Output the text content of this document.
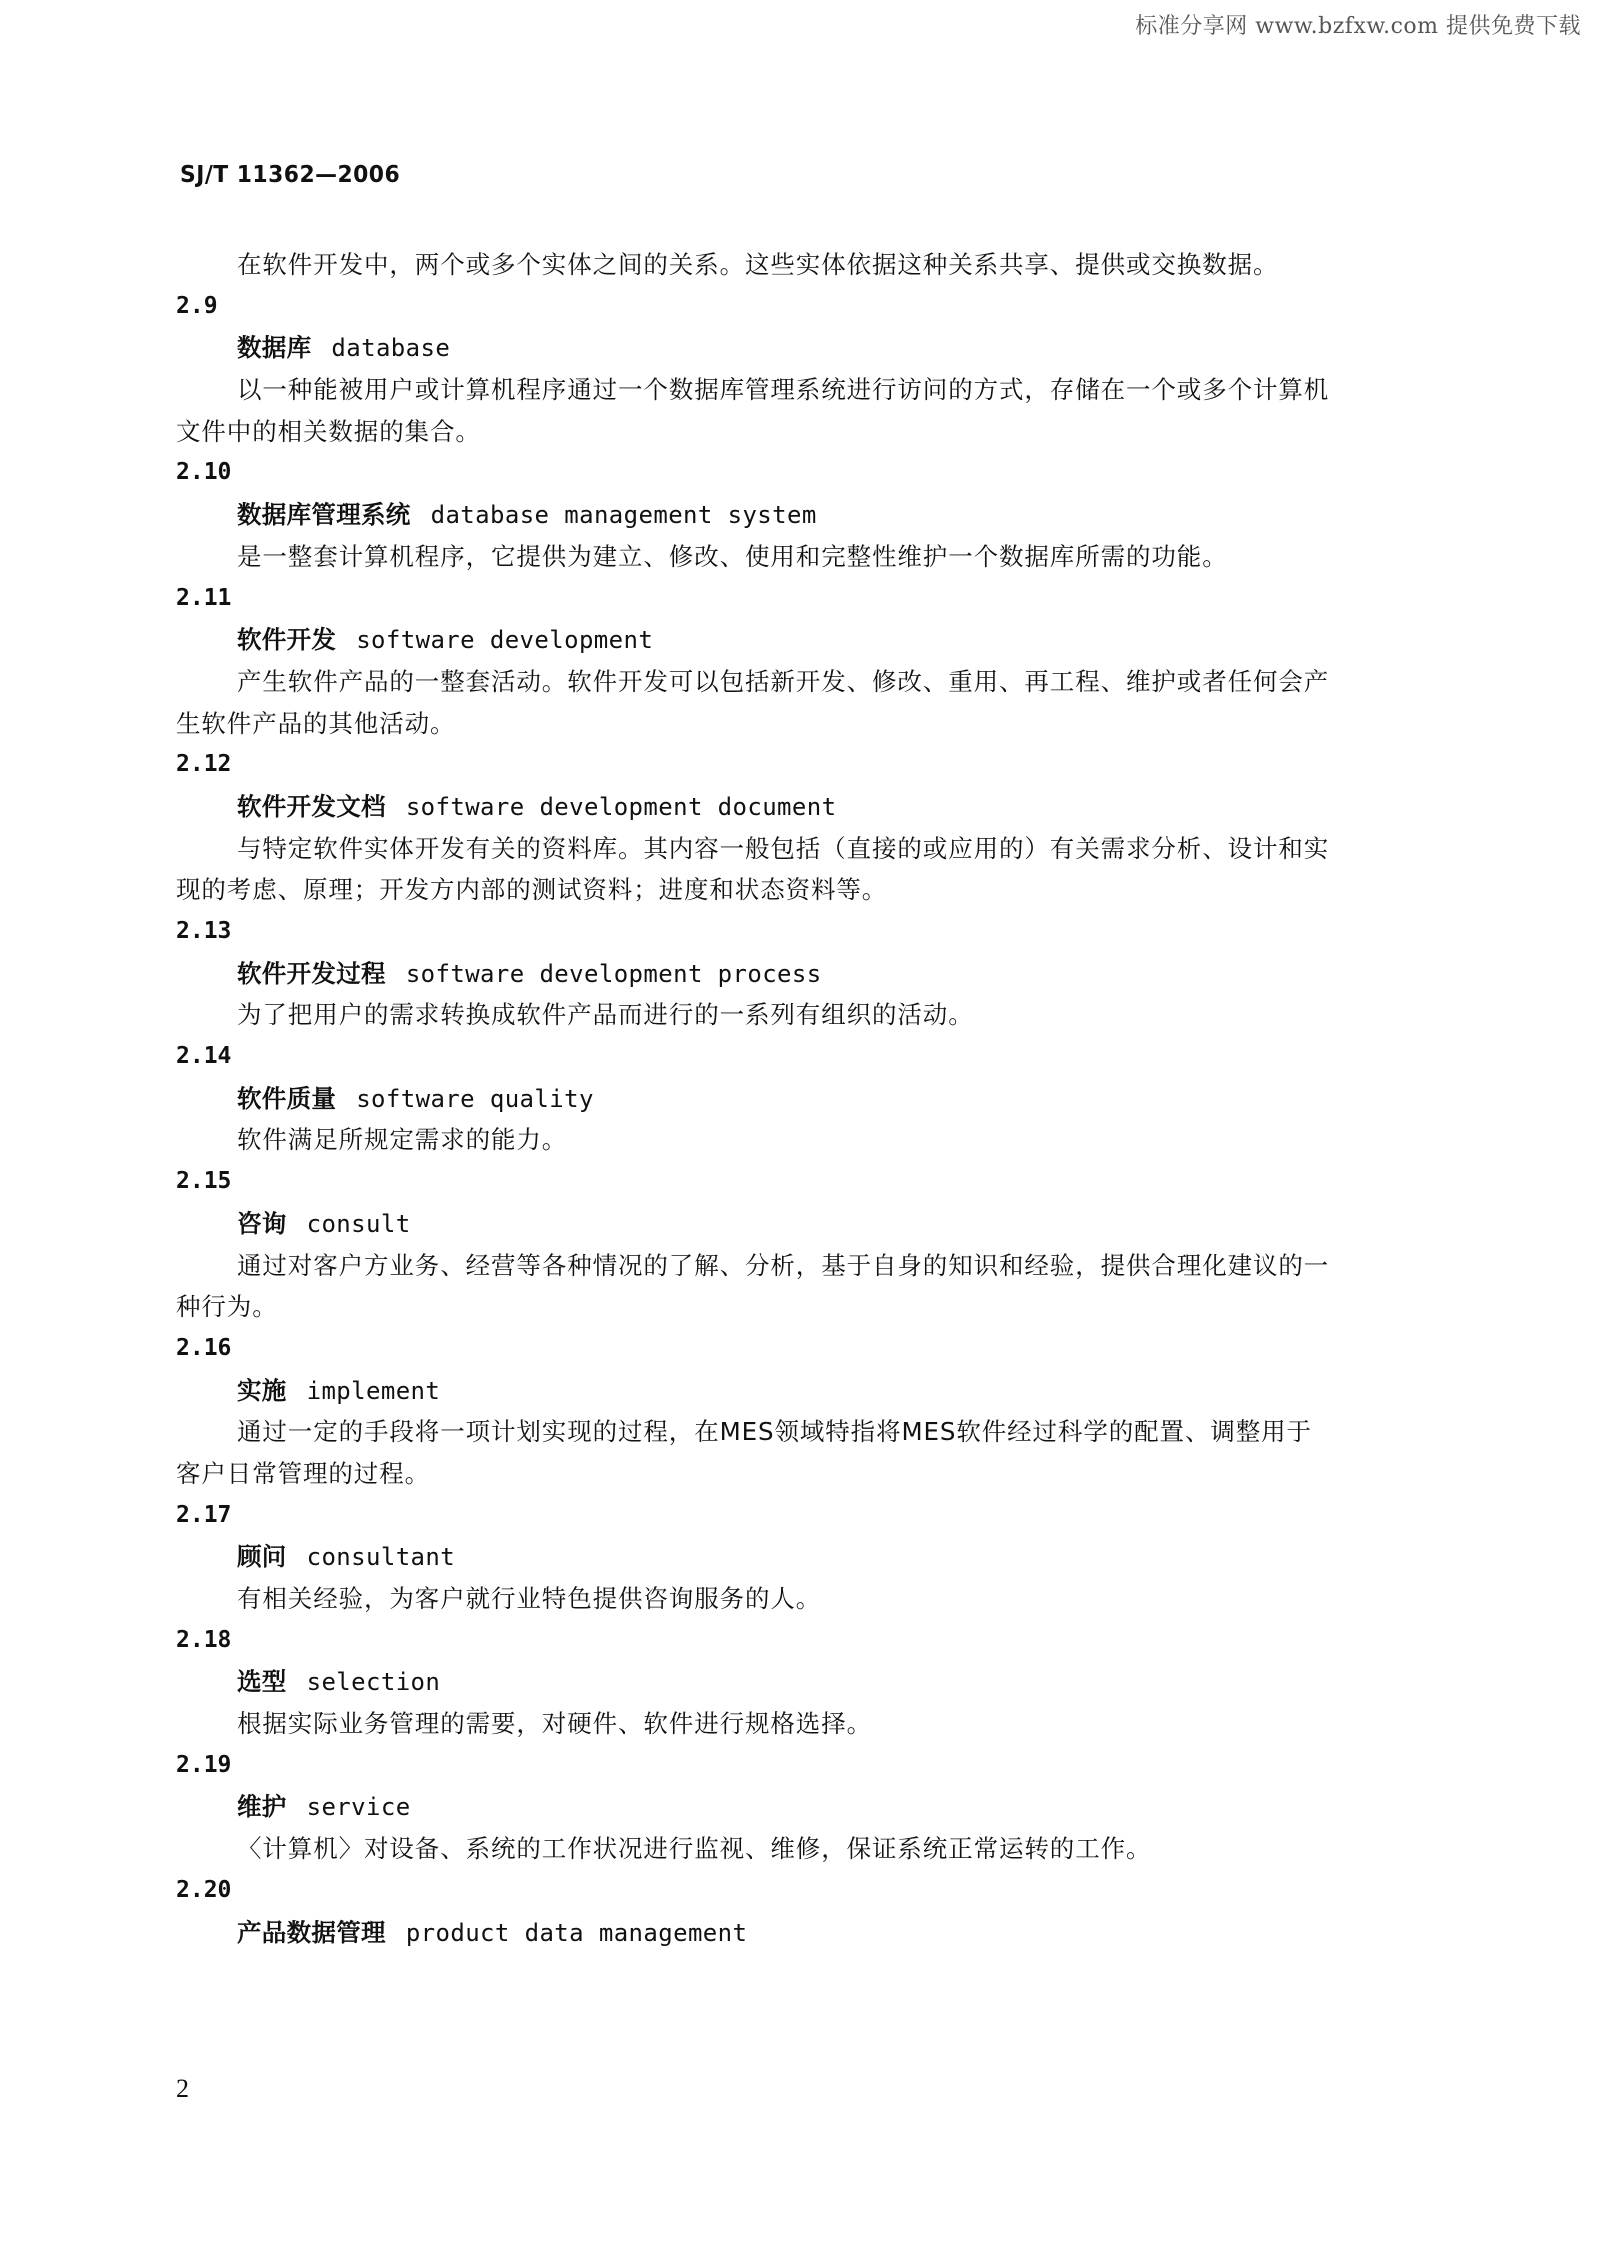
标准分享网 www.bzfxw.com 提供免费下载
SJ/T 11362—2006
在软件开发中，两个或多个实体之间的关系。这些实体依据这种关系共享、提供或交换数据。
2.9
数据库 database
以一种能被用户或计算机程序通过一个数据库管理系统进行访问的方式，存储在一个或多个计算机
文件中的相关数据的集合。
2.10
数据库管理系统 database management system
是一整套计算机程序，它提供为建立、修改、使用和完整性维护一个数据库所需的功能。
2.11
软件开发 software development
产生软件产品的一整套活动。软件开发可以包括新开发、修改、重用、再工程、维护或者任何会产
生软件产品的其他活动。
2.12
软件开发文档 software development document
与特定软件实体开发有关的资料库。其内容一般包括（直接的或应用的）有关需求分析、设计和实
现的考虑、原理；开发方内部的测试资料；进度和状态资料等。
2.13
软件开发过程 software development process
为了把用户的需求转换成软件产品而进行的一系列有组织的活动。
2.14
软件质量 software quality
软件满足所规定需求的能力。
2.15
咨询 consult
通过对客户方业务、经营等各种情况的了解、分析，基于自身的知识和经验，提供合理化建议的一
种行为。
2.16
实施 implement
通过一定的手段将一项计划实现的过程，在MES领域特指将MES软件经过科学的配置、调整用于
客户日常管理的过程。
2.17
顾问 consultant
有相关经验，为客户就行业特色提供咨询服务的人。
2.18
选型 selection
根据实际业务管理的需要，对硬件、软件进行规格选择。
2.19
维护 service
〈计算机〉对设备、系统的工作状况进行监视、维修，保证系统正常运转的工作。
2.20
产品数据管理 product data management
2
